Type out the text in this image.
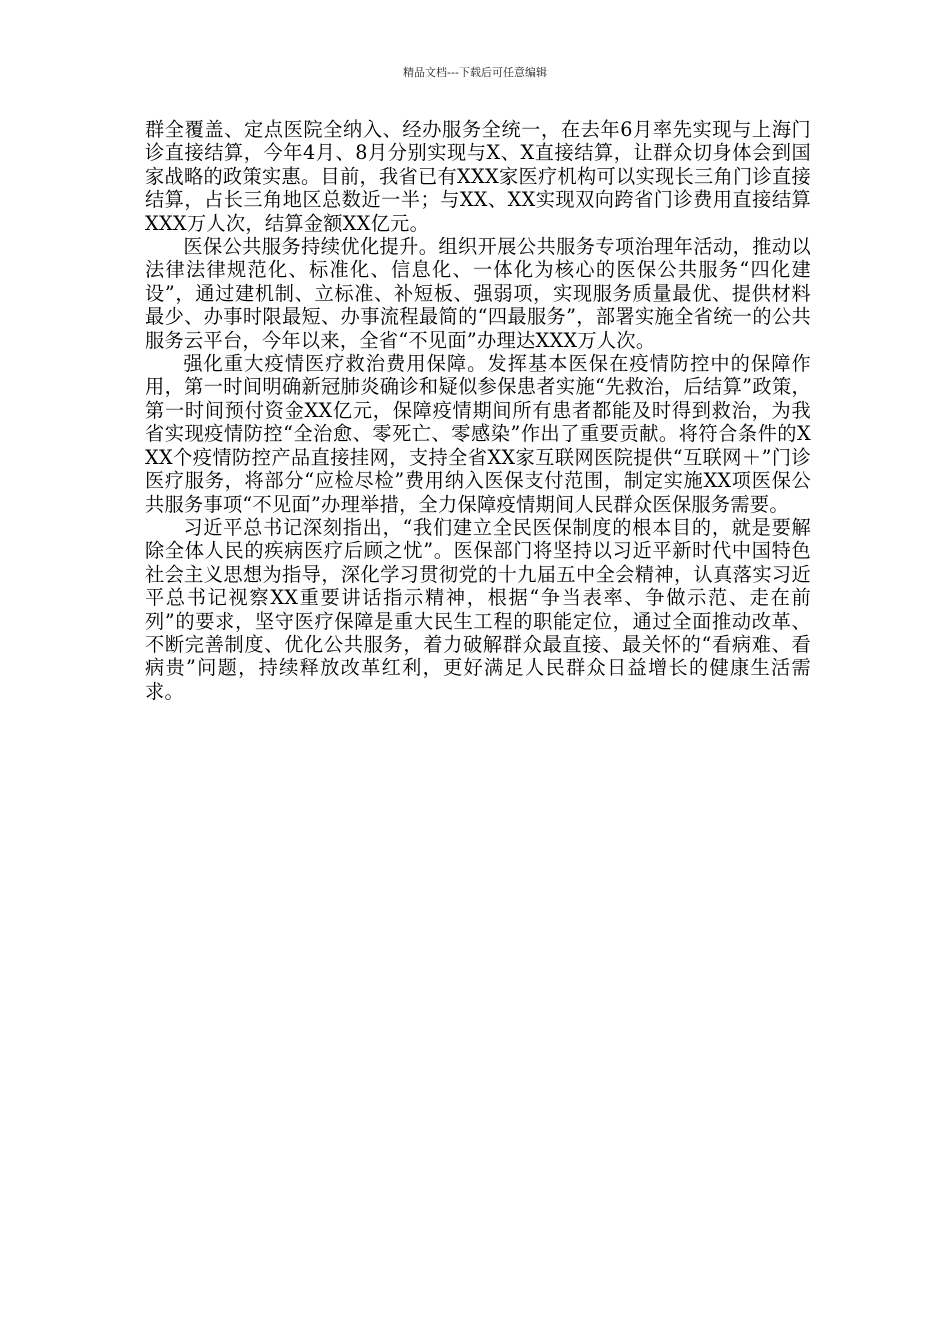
精品文档---下载后可任意编辑

群全覆盖、定点医院全纳入、经办服务全统一，在去年6月率先实现与上海门诊直接结算，今年4月、8月分别实现与X、X直接结算，让群众切身体会到国家战略的政策实惠。目前，我省已有XXX家医疗机构可以实现长三角门诊直接结算，占长三角地区总数近一半；与XX、XX实现双向跨省门诊费用直接结算XXX万人次，结算金额XX亿元。

医保公共服务持续优化提升。组织开展公共服务专项治理年活动，推动以法律法律规范化、标准化、信息化、一体化为核心的医保公共服务“四化建设”，通过建机制、立标准、补短板、强弱项，实现服务质量最优、提供材料最少、办事时限最短、办事流程最简的“四最服务”，部署实施全省统一的公共服务云平台，今年以来，全省“不见面”办理达XXX万人次。

强化重大疫情医疗救治费用保障。发挥基本医保在疫情防控中的保障作用，第一时间明确新冠肺炎确诊和疑似参保患者实施“先救治，后结算”政策，第一时间预付资金XX亿元，保障疫情期间所有患者都能及时得到救治，为我省实现疫情防控“全治愈、零死亡、零感染”作出了重要贡献。将符合条件的XXX个疫情防控产品直接挂网，支持全省XX家互联网医院提供“互联网＋”门诊医疗服务，将部分“应检尽检”费用纳入医保支付范围，制定实施XX项医保公共服务事项“不见面”办理举措，全力保障疫情期间人民群众医保服务需要。

习近平总书记深刻指出，“我们建立全民医保制度的根本目的，就是要解除全体人民的疾病医疗后顾之忧”。医保部门将坚持以习近平新时代中国特色社会主义思想为指导，深化学习贯彻党的十九届五中全会精神，认真落实习近平总书记视察XX重要讲话指示精神，根据“争当表率、争做示范、走在前列”的要求，坚守医疗保障是重大民生工程的职能定位，通过全面推动改革、不断完善制度、优化公共服务，着力破解群众最直接、最关怀的“看病难、看病贵”问题，持续释放改革红利，更好满足人民群众日益增长的健康生活需求。
